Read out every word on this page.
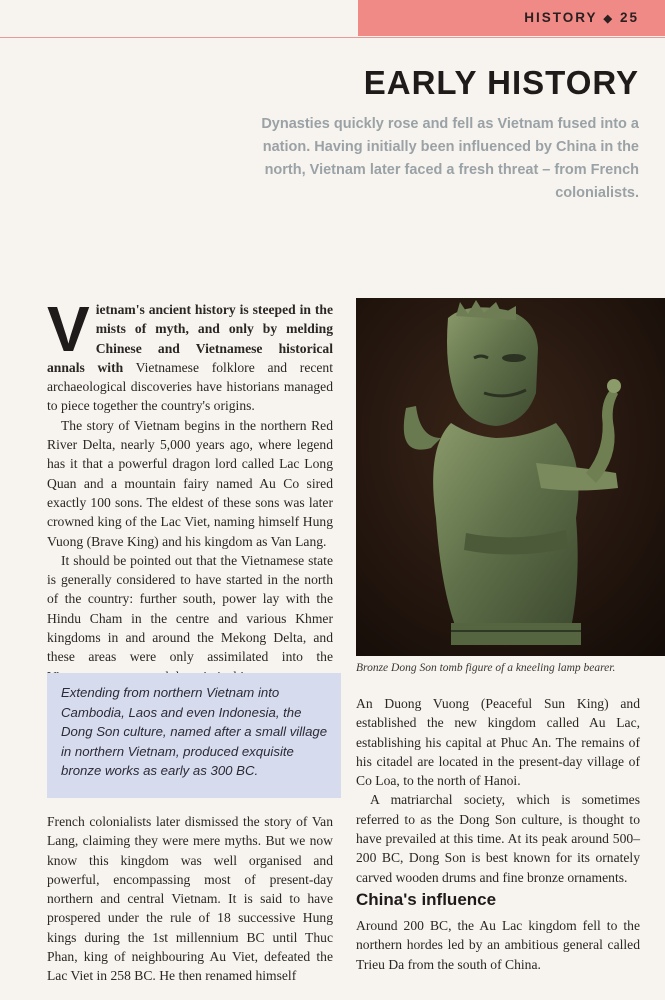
HISTORY ◆ 25
EARLY HISTORY
Dynasties quickly rose and fell as Vietnam fused into a nation. Having initially been influenced by China in the north, Vietnam later faced a fresh threat – from French colonialists.

Vietnam's ancient history is steeped in the mists of myth, and only by melding Chinese and Vietnamese historical annals with Vietnamese folklore and recent archaeological discoveries have historians managed to piece together the country's origins.

The story of Vietnam begins in the northern Red River Delta, nearly 5,000 years ago, where legend has it that a powerful dragon lord called Lac Long Quan and a mountain fairy named Au Co sired exactly 100 sons. The eldest of these sons was later crowned king of the Lac Viet, naming himself Hung Vuong (Brave King) and his kingdom as Van Lang.

It should be pointed out that the Vietnamese state is generally considered to have started in the north of the country: further south, power lay with the Hindu Cham in the centre and various Khmer kingdoms in and around the Mekong Delta, and these areas were only assimilated into the

Extending from northern Vietnam into Cambodia, Laos and even Indonesia, the Dong Son culture, named after a small village in northern Vietnam, produced exquisite bronze works as early as 300 BC.

French colonialists later dismissed the story of Van Lang, claiming they were mere myths. But we now know this kingdom was well organised and powerful, encompassing most of present-day northern and central Vietnam. It is said to have prospered under the rule of 18 successive Hung kings during the 1st millennium BC until Thuc Phan, king of neighbouring Au Viet, defeated the Lac Viet in 258 BC. He then renamed himself

Bronze Dong Son tomb figure of a kneeling lamp bearer.

An Duong Vuong (Peaceful Sun King) and established the new kingdom called Au Lac, establishing his capital at Phuc An. The remains of his citadel are located in the present-day village of Co Loa, to the north of Hanoi.

A matriarchal society, which is sometimes referred to as the Dong Son culture, is thought to have prevailed at this time. At its peak around 500–200 BC, Dong Son is best known for its ornately carved wooden drums and fine bronze ornaments.

China's influence

Around 200 BC, the Au Lac kingdom fell to the northern hordes led by an ambitious general called Trieu Da from the south of China.
